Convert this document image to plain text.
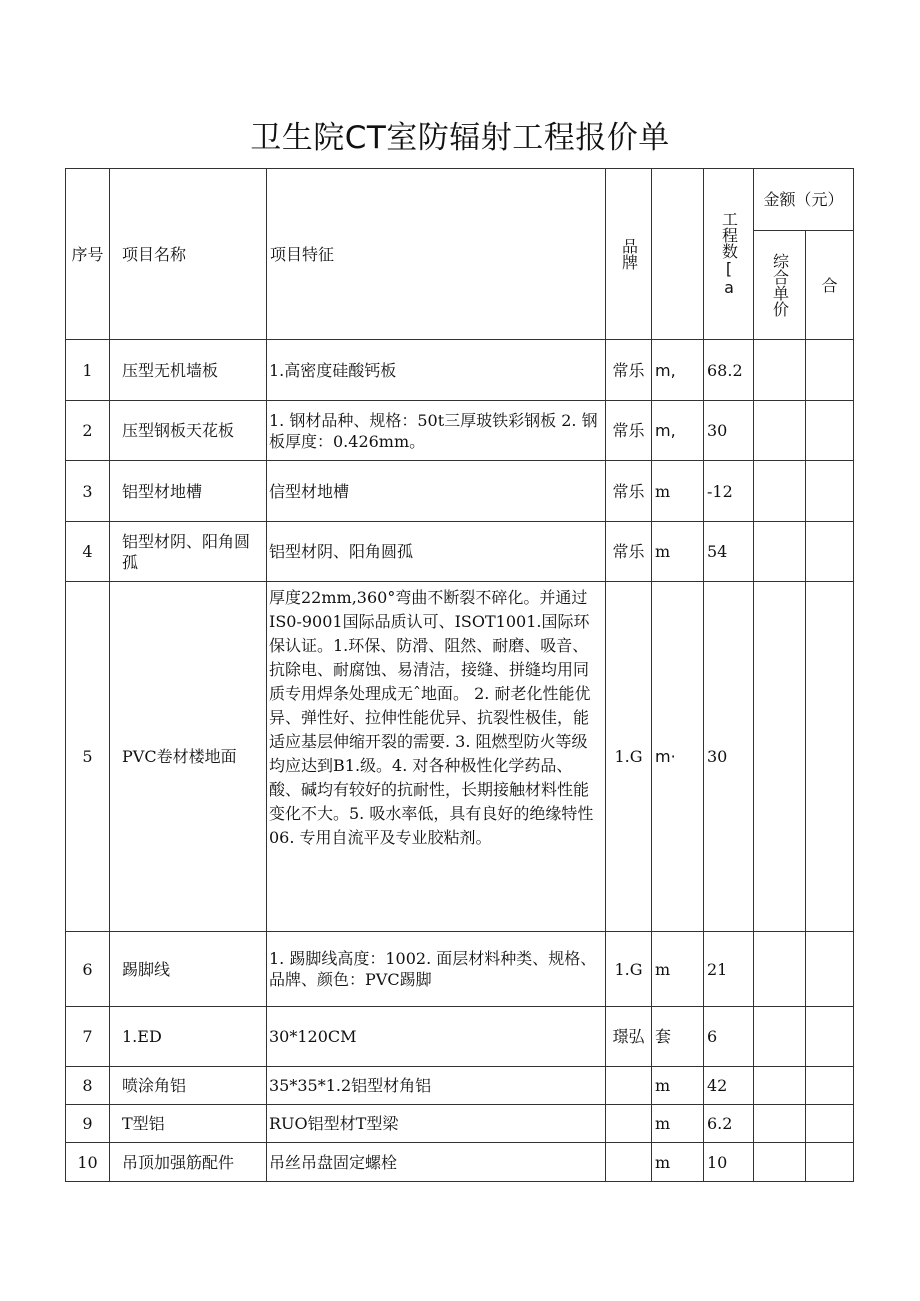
卫生院CT室防辐射工程报价单
序号	项目名称	项目特征	品牌		工程数[a	金额（元）	

						综合单价	合
1	压型无机墙板	1.高密度硅酸钙板	常乐	m,	68.2		
2	压型钢板天花板	1. 钢材品种、规格：50t三厚玻铁彩钢板 2. 钢板厚度：0.426mm。	常乐	m,	30		
3	铝型材地槽	信型材地槽	常乐	m	-12		
4	铝型材阴、阳角圆孤	铝型材阴、阳角圆孤	常乐	m	54		
5	PVC卷材楼地面	厚度22mm,360°弯曲不断裂不碎化。并通过IS0-9001国际品质认可、ISOT1001.国际环保认证。1.环保、防滑、阻然、耐磨、吸音、抗除电、耐腐蚀、易清洁，接缝、拼缝均用同质专用焊条处理成无ˆ地面。 2. 耐老化性能优异、弹性好、拉伸性能优异、抗裂性极佳，能适应基层伸缩开裂的需要. 3. 阻燃型防火等级均应达到B1.级。4. 对各种极性化学药品、酸、碱均有较好的抗耐性，长期接触材料性能变化不大。5. 吸水率低，具有良好的绝缘特性06. 专用自流平及专业胶粘剂。	1.G	m·	30		
6	踢脚线	1. 踢脚线高度：1002. 面层材料种类、规格、品牌、颜色：PVC踢脚	1.G	m	21		
7	1.ED	30*120CM	璟弘	套	6		
8	喷涂角铝	35*35*1.2铝型材角铝		m	42		
9	T型铝	RUO铝型材T型梁		m	6.2		
10	吊顶加强筋配件	吊丝吊盘固定螺栓		m	10		
